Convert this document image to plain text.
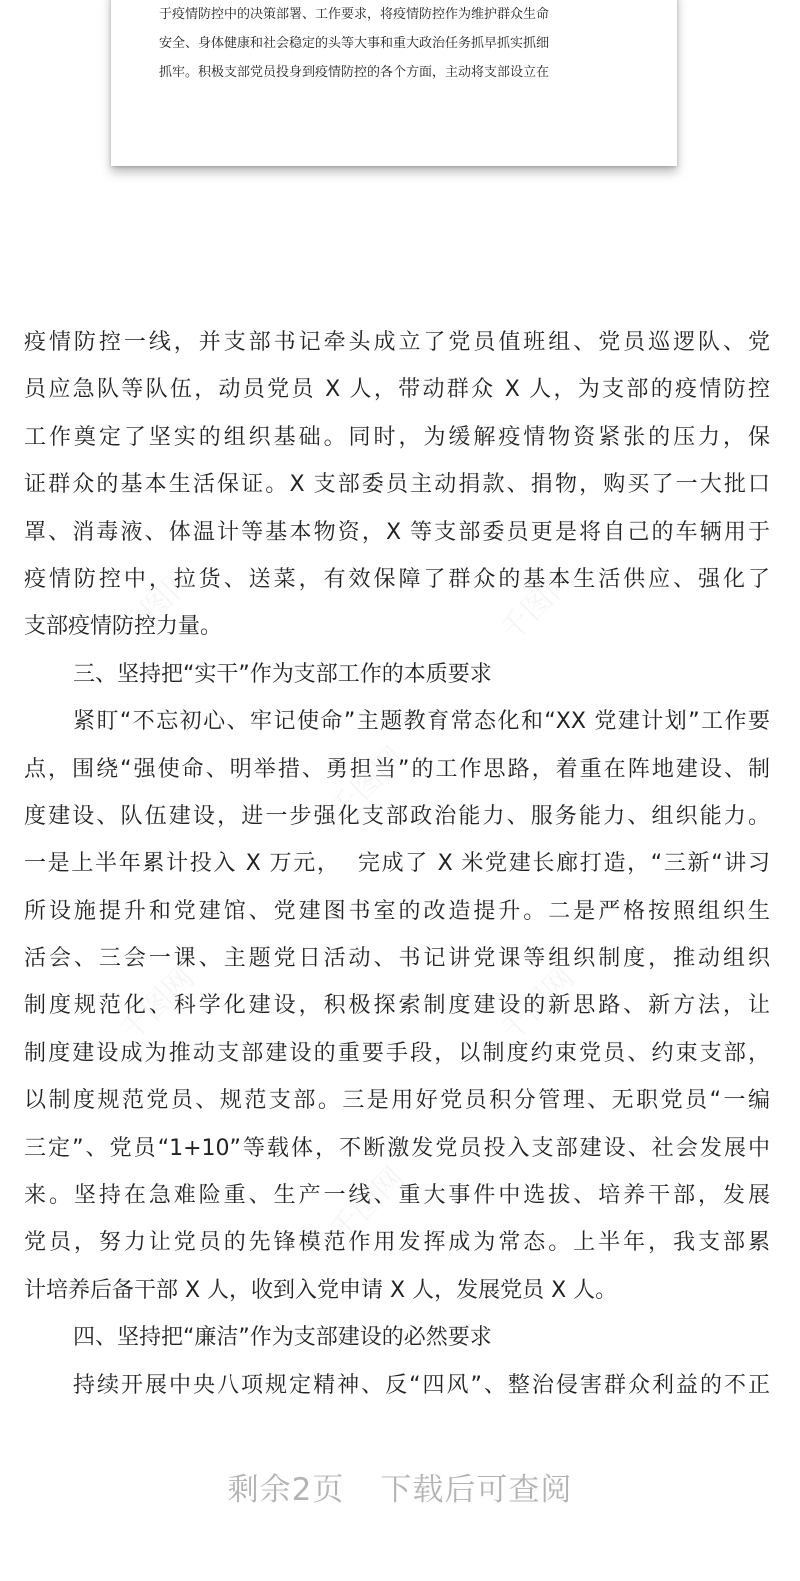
于疫情防控中的决策部署、工作要求，将疫情防控作为维护群众生命
安全、身体健康和社会稳定的头等大事和重大政治任务抓早抓实抓细
抓牢。积极支部党员投身到疫情防控的各个方面，主动将支部设立在
疫情防控一线，并支部书记牵头成立了党员值班组、党员巡逻队、党
员应急队等队伍，动员党员 X 人，带动群众 X 人，为支部的疫情防控
工作奠定了坚实的组织基础。同时，为缓解疫情物资紧张的压力，保
证群众的基本生活保证。X 支部委员主动捐款、捐物，购买了一大批口
罩、消毒液、体温计等基本物资，X 等支部委员更是将自己的车辆用于
疫情防控中，拉货、送菜，有效保障了群众的基本生活供应、强化了
支部疫情防控力量。
三、坚持把“实干”作为支部工作的本质要求
紧盯“不忘初心、牢记使命”主题教育常态化和“XX 党建计划”工作要
点，围绕“强使命、明举措、勇担当”的工作思路，着重在阵地建设、制
度建设、队伍建设，进一步强化支部政治能力、服务能力、组织能力。
一是上半年累计投入 X 万元，  完成了 X 米党建长廊打造，“三新“讲习
所设施提升和党建馆、党建图书室的改造提升。二是严格按照组织生
活会、三会一课、主题党日活动、书记讲党课等组织制度，推动组织
制度规范化、科学化建设，积极探索制度建设的新思路、新方法，让
制度建设成为推动支部建设的重要手段，以制度约束党员、约束支部，
以制度规范党员、规范支部。三是用好党员积分管理、无职党员“一编
三定”、党员“1+10”等载体，不断激发党员投入支部建设、社会发展中
来。坚持在急难险重、生产一线、重大事件中选拔、培养干部，发展
党员，努力让党员的先锋模范作用发挥成为常态。上半年，我支部累
计培养后备干部 X 人，收到入党申请 X 人，发展党员 X 人。
四、坚持把“廉洁”作为支部建设的必然要求
持续开展中央八项规定精神、反“四风”、整治侵害群众利益的不正
剩余2页 下载后可查阅
